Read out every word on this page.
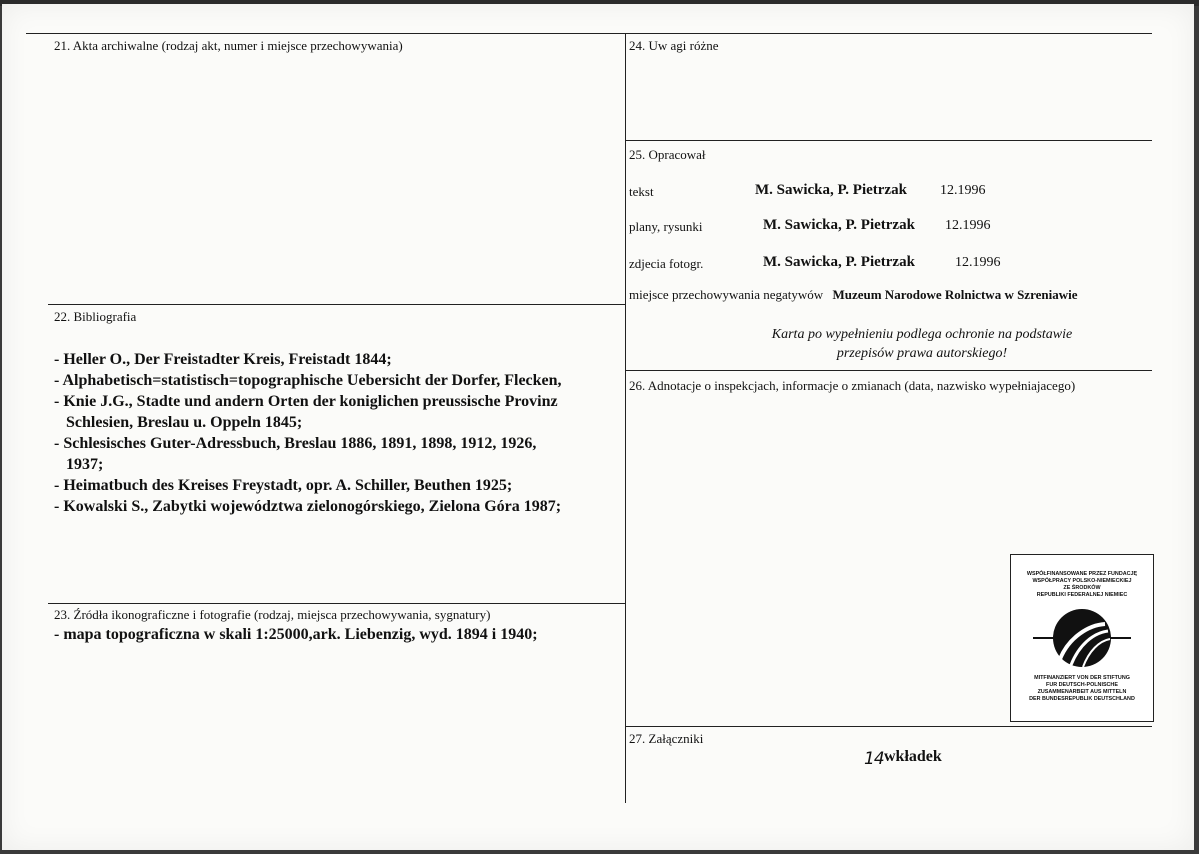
21. Akta archiwalne (rodzaj akt, numer i miejsce przechowywania)
22. Bibliografia
- Heller O., Der Freistadter Kreis, Freistadt 1844;
- Alphabetisch=statistisch=topographische Uebersicht der Dorfer, Flecken,
- Knie J.G., Stadte und andern Orten der koniglichen preussische Provinz
Schlesien, Breslau u. Oppeln 1845;
- Schlesisches Guter-Adressbuch, Breslau 1886, 1891, 1898, 1912, 1926,
1937;
- Heimatbuch des Kreises Freystadt, opr. A. Schiller, Beuthen 1925;
- Kowalski S., Zabytki województwa zielonogórskiego, Zielona Góra 1987;
23. Źródła ikonograficzne i fotografie (rodzaj, miejsca przechowywania, sygnatury)
- mapa topograficzna w skali 1:25000,ark. Liebenzig, wyd. 1894 i 1940;
24. Uw agi różne
25. Opracował
tekst	M. Sawicka, P. Pietrzak 12.1996
plany, rysunki	M. Sawicka, P. Pietrzak 12.1996
zdjecia fotogr.	M. Sawicka, P. Pietrzak	12.1996
miejsce przechowywania negatywów Muzeum Narodowe Rolnictwa w Szreniawie
Karta po wypełnieniu podlega ochronie na podstawie
przepisów prawa autorskiego!
26. Adnotacje o inspekcjach, informacje o zmianach (data, nazwisko wypełniajacego)
WSPÓŁFINANSOWANE PRZEZ FUNDACJĘ
WSPÓŁPRACY POLSKO-NIEMIECKIEJ
ZE ŚRODKÓW
REPUBLIKI FEDERALNEJ NIEMIEC
MITFINANZIERT VON DER STIFTUNG
FUR DEUTSCH-POLNISCHE
ZUSAMMENARBEIT AUS MITTELN
DER BUNDESREPUBLIK DEUTSCHLAND
27. Załączniki
14 wkładek
